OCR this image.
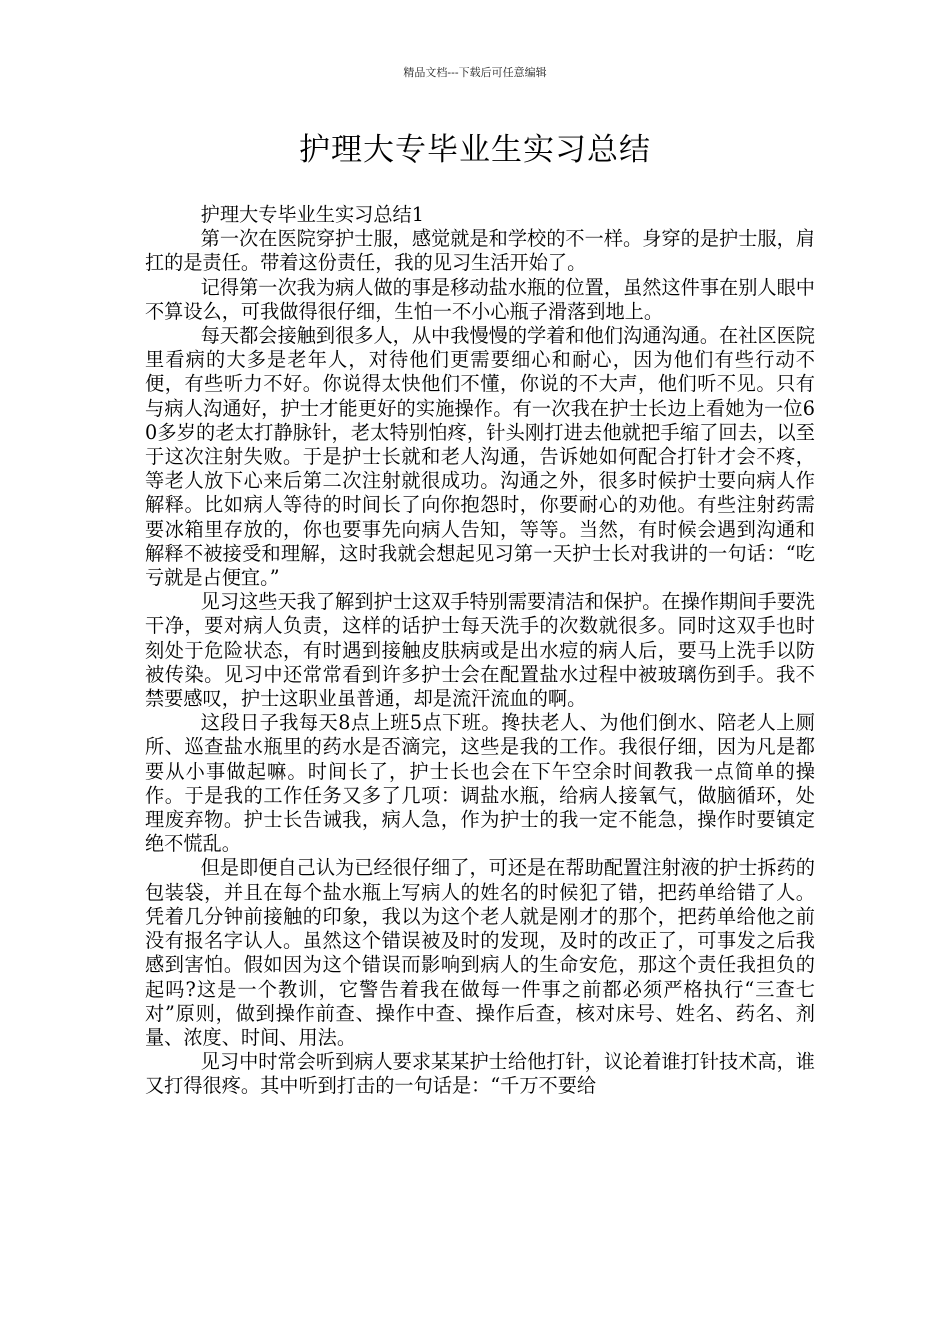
精品文档---下载后可任意编辑
护理大专毕业生实习总结

护理大专毕业生实习总结1

第一次在医院穿护士服，感觉就是和学校的不一样。身穿的是护士服，肩扛的是责任。带着这份责任，我的见习生活开始了。

记得第一次我为病人做的事是移动盐水瓶的位置，虽然这件事在别人眼中不算设么，可我做得很仔细，生怕一不小心瓶子滑落到地上。

每天都会接触到很多人，从中我慢慢的学着和他们沟通沟通。在社区医院里看病的大多是老年人，对待他们更需要细心和耐心，因为他们有些行动不便，有些听力不好。你说得太快他们不懂，你说的不大声，他们听不见。只有与病人沟通好，护士才能更好的实施操作。有一次我在护士长边上看她为一位60多岁的老太打静脉针，老太特别怕疼，针头刚打进去他就把手缩了回去，以至于这次注射失败。于是护士长就和老人沟通，告诉她如何配合打针才会不疼，等老人放下心来后第二次注射就很成功。沟通之外，很多时候护士要向病人作解释。比如病人等待的时间长了向你抱怨时，你要耐心的劝他。有些注射药需要冰箱里存放的，你也要事先向病人告知，等等。当然，有时候会遇到沟通和解释不被接受和理解，这时我就会想起见习第一天护士长对我讲的一句话：“吃亏就是占便宜。”

见习这些天我了解到护士这双手特别需要清洁和保护。在操作期间手要洗干净，要对病人负责，这样的话护士每天洗手的次数就很多。同时这双手也时刻处于危险状态，有时遇到接触皮肤病或是出水痘的病人后，要马上洗手以防被传染。见习中还常常看到许多护士会在配置盐水过程中被玻璃伤到手。我不禁要感叹，护士这职业虽普通，却是流汗流血的啊。

这段日子我每天8点上班5点下班。搀扶老人、为他们倒水、陪老人上厕所、巡查盐水瓶里的药水是否滴完，这些是我的工作。我很仔细，因为凡是都要从小事做起嘛。时间长了，护士长也会在下午空余时间教我一点简单的操作。于是我的工作任务又多了几项：调盐水瓶，给病人接氧气，做脑循环，处理废弃物。护士长告诫我，病人急，作为护士的我一定不能急，操作时要镇定绝不慌乱。

但是即便自己认为已经很仔细了，可还是在帮助配置注射液的护士拆药的包装袋，并且在每个盐水瓶上写病人的姓名的时候犯了错，把药单给错了人。凭着几分钟前接触的印象，我以为这个老人就是刚才的那个，把药单给他之前没有报名字认人。虽然这个错误被及时的发现，及时的改正了，可事发之后我感到害怕。假如因为这个错误而影响到病人的生命安危，那这个责任我担负的起吗?这是一个教训，它警告着我在做每一件事之前都必须严格执行“三查七对”原则，做到操作前查、操作中查、操作后查，核对床号、姓名、药名、剂量、浓度、时间、用法。

见习中时常会听到病人要求某某护士给他打针，议论着谁打针技术高，谁又打得很疼。其中听到打击的一句话是：“千万不要给
